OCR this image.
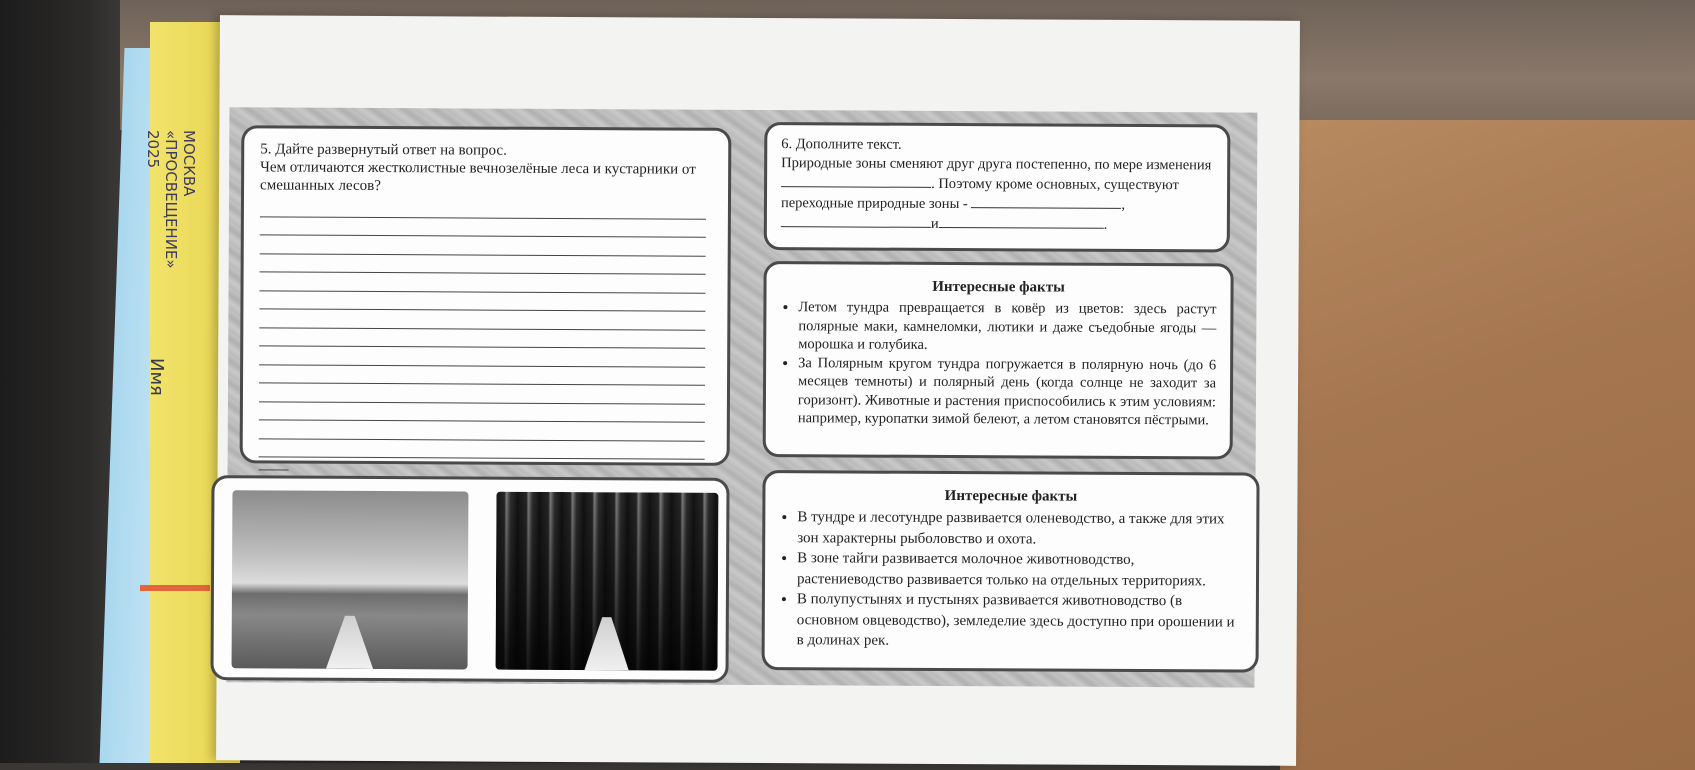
МОСКВА
«ПРОСВЕЩЕНИЕ»
2025
Имя

5. Дайте развернутый ответ на вопрос.

Чем отличаются жестколистные вечнозелёные леса и кустарники от смешанных лесов?

6. Дополните текст.

Природные зоны сменяют друг друга постепенно, по мере изменения

. Поэтому кроме основных, существуют

переходные природные зоны -	,

и	.

Интересные факты
• Летом тундра превращается в ковёр из цветов: здесь растут полярные маки, камнеломки, лютики и даже съедобные ягоды — морошка и голубика.
• За Полярным кругом тундра погружается в полярную ночь (до 6 месяцев темноты) и полярный день (когда солнце не заходит за горизонт). Животные и растения приспособились к этим условиям: например, куропатки зимой белеют, а летом становятся пёстрыми.
Интересные факты
• В тундре и лесотундре развивается оленеводство, а также для этих зон характерны рыболовство и охота.
• В зоне тайги развивается молочное животноводство, растениеводство развивается только на отдельных территориях.
• В полупустынях и пустынях развивается животноводство (в основном овцеводство), земледелие здесь доступно при орошении и в долинах рек.
